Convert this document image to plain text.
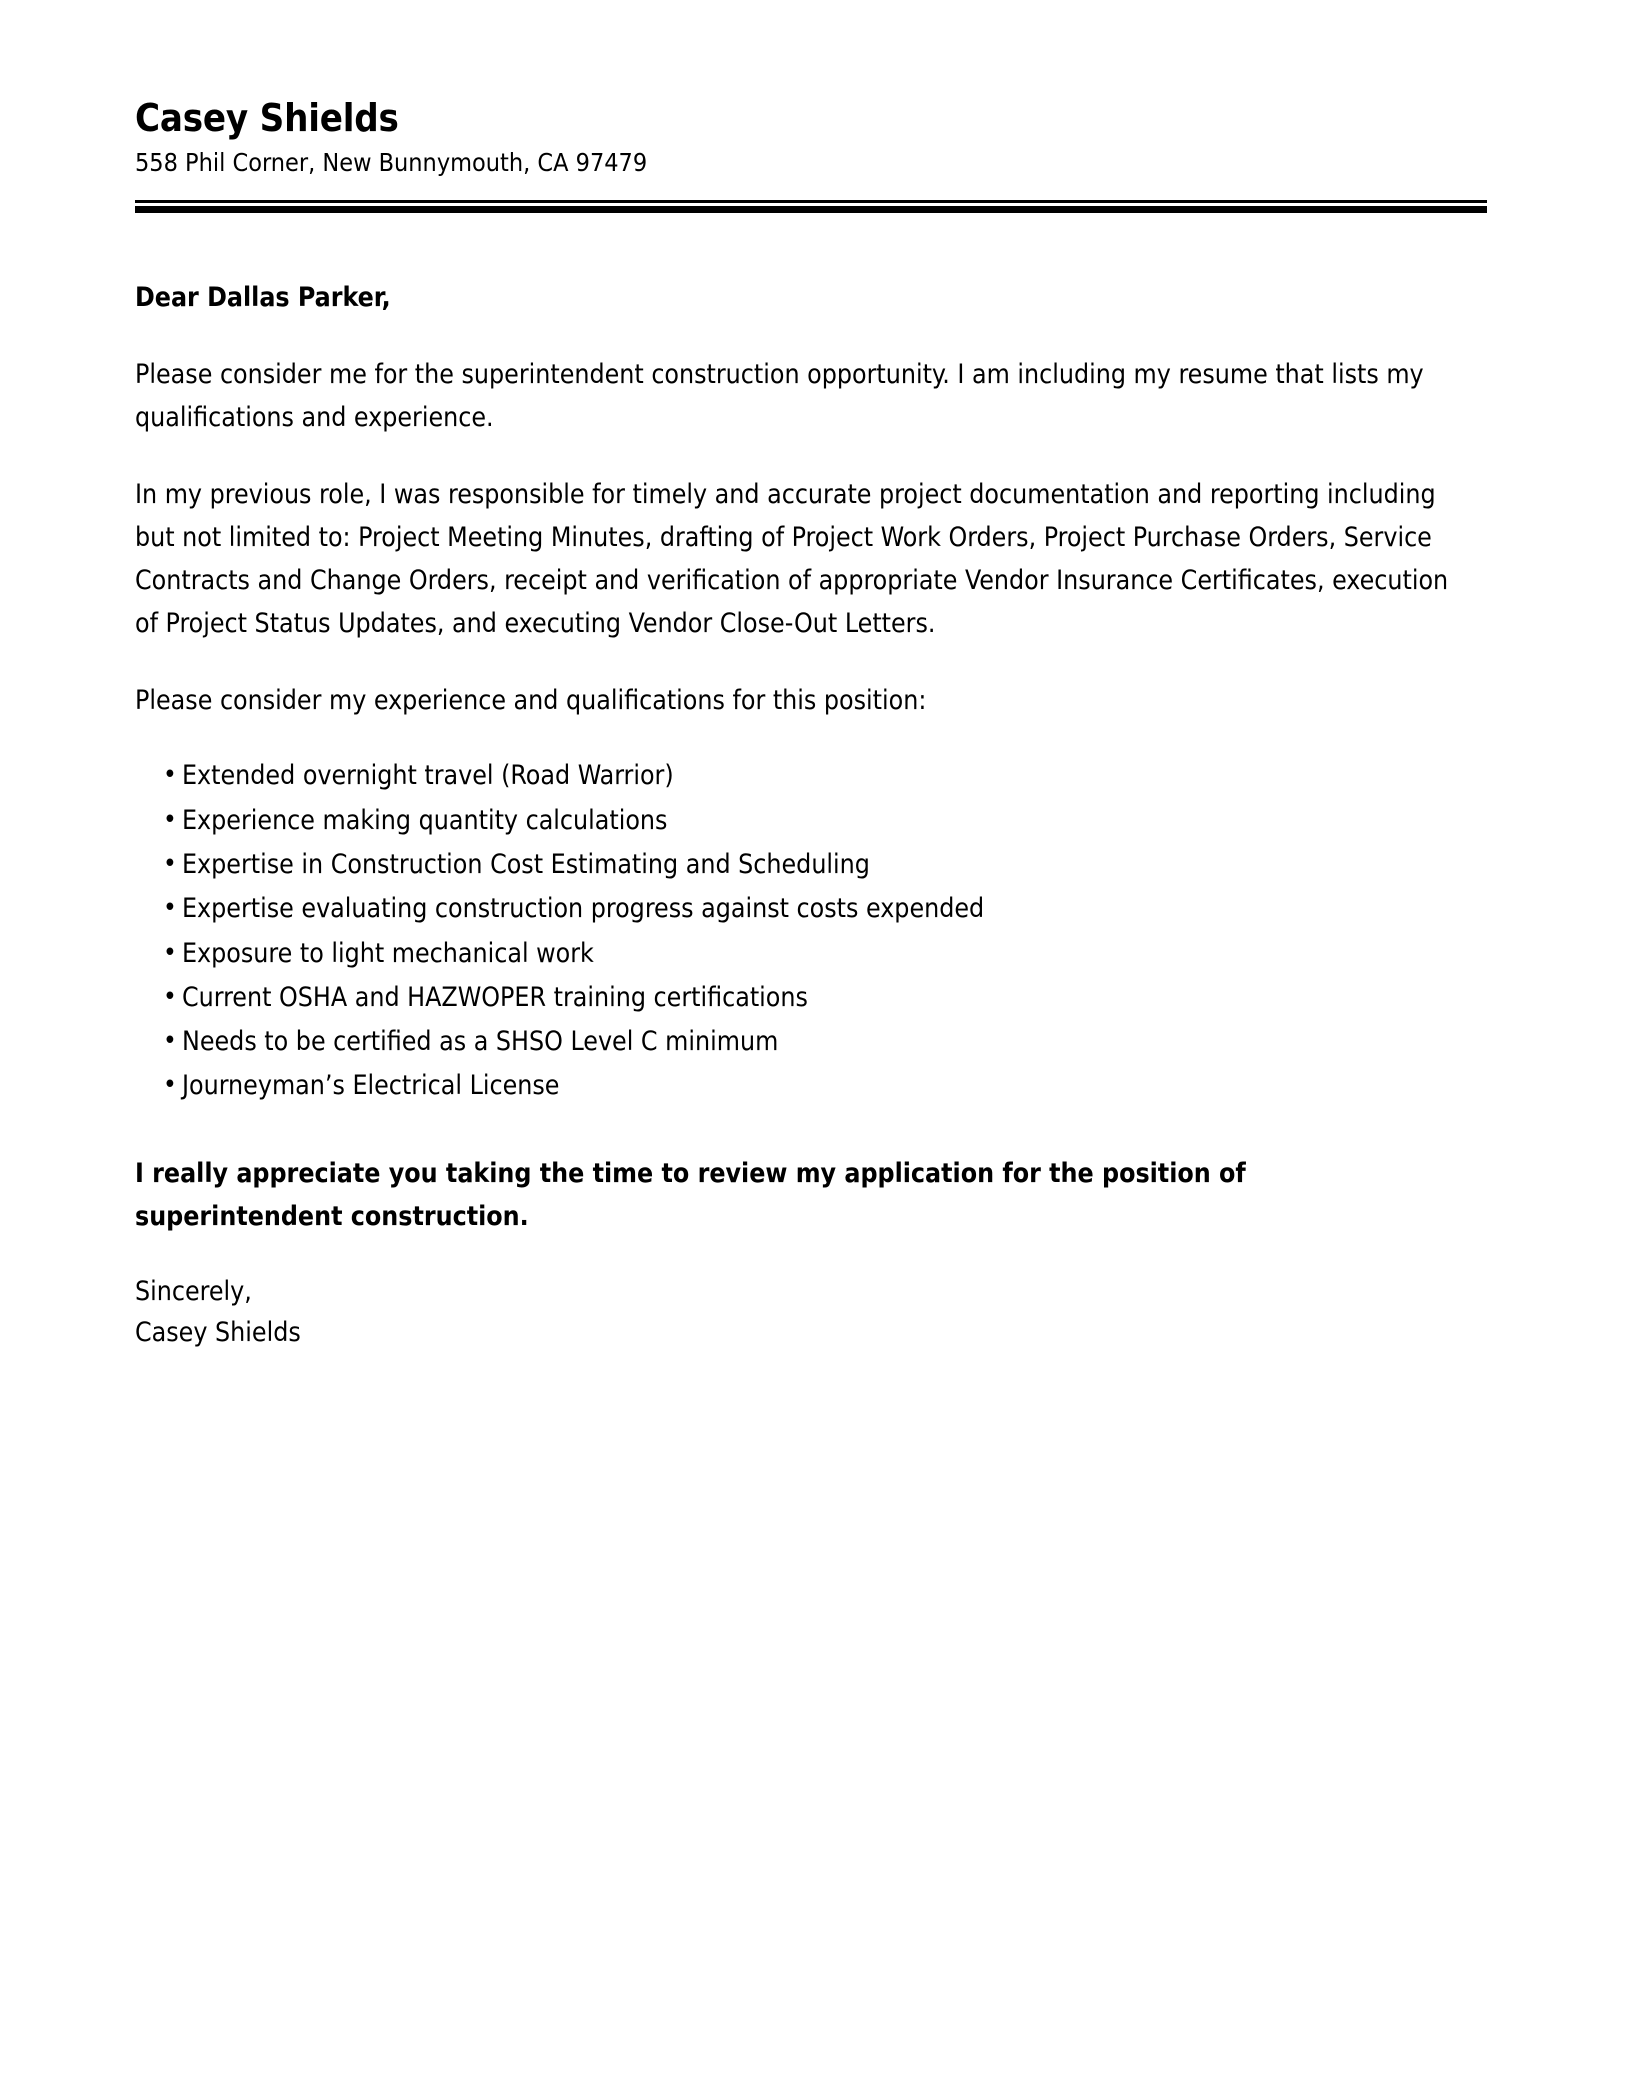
Casey Shields

558 Phil Corner, New Bunnymouth, CA 97479

Dear Dallas Parker,

Please consider me for the superintendent construction opportunity. I am including my resume that lists my qualifications and experience.

In my previous role, I was responsible for timely and accurate project documentation and reporting including but not limited to: Project Meeting Minutes, drafting of Project Work Orders, Project Purchase Orders, Service Contracts and Change Orders, receipt and verification of appropriate Vendor Insurance Certificates, execution of Project Status Updates, and executing Vendor Close-Out Letters.

Please consider my experience and qualifications for this position:

• Extended overnight travel (Road Warrior)
• Experience making quantity calculations
• Expertise in Construction Cost Estimating and Scheduling
• Expertise evaluating construction progress against costs expended
• Exposure to light mechanical work
• Current OSHA and HAZWOPER training certifications
• Needs to be certified as a SHSO Level C minimum
• Journeyman’s Electrical License

I really appreciate you taking the time to review my application for the position of superintendent construction.

Sincerely,
Casey Shields
